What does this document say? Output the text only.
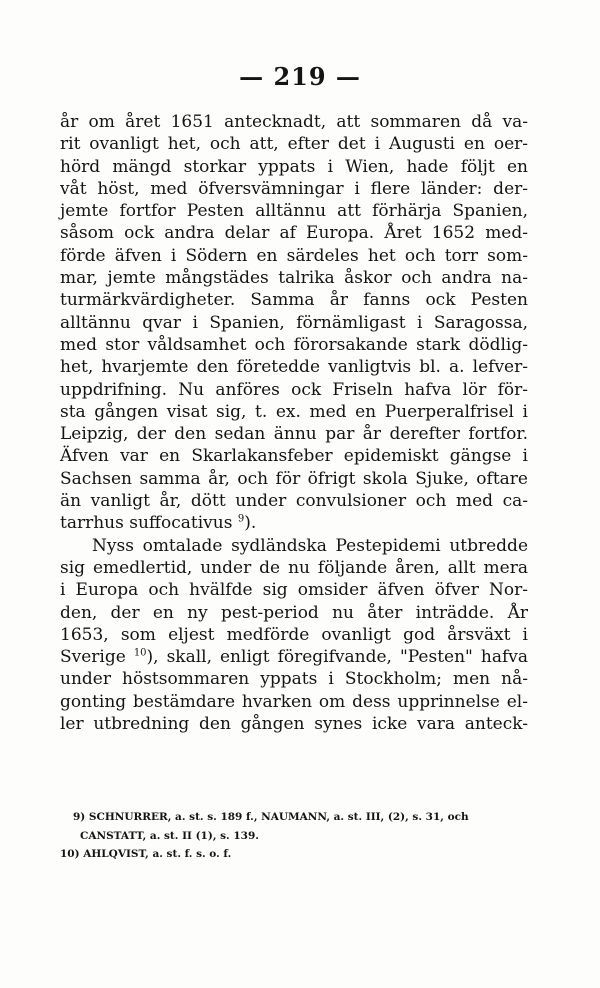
— 219 —
år om året 1651 antecknadt, att sommaren då va-
rit ovanligt het, och att, efter det i Augusti en oer-
hörd mängd storkar yppats i Wien, hade följt en
våt höst, med öfversvämningar i flere länder: der-
jemte fortfor Pesten alltännu att förhärja Spanien,
såsom ock andra delar af Europa. Året 1652 med-
förde äfven i Södern en särdeles het och torr som-
mar, jemte mångstädes talrika åskor och andra na-
turmärkvärdigheter. Samma år fanns ock Pesten
alltännu qvar i Spanien, förnämligast i Saragossa,
med stor våldsamhet och förorsakande stark dödlig-
het, hvarjemte den företedde vanligtvis bl. a. lefver-
uppdrifning. Nu anföres ock Friseln hafva lör för-
sta gången visat sig, t. ex. med en Puerperalfrisel i
Leipzig, der den sedan ännu par år derefter fortfor.
Äfven var en Skarlakansfeber epidemiskt gängse i
Sachsen samma år, och för öfrigt skola Sjuke, oftare
än vanligt år, dött under convulsioner och med ca-
tarrhus suffocativus $^9$).
Nyss omtalade sydländska Pestepidemi utbredde
sig emedlertid, under de nu följande åren, allt mera
i Europa och hvälfde sig omsider äfven öfver Nor-
den, der en ny pest-period nu åter inträdde. År
1653, som eljest medförde ovanligt god årsväxt i
Sverige $^{10}$), skall, enligt föregifvande, "Pesten" hafva
under höstsommaren yppats i Stockholm; men nå-
gonting bestämdare hvarken om dess upprinnelse el-
ler utbredning den gången synes icke vara anteck-
9) SCHNURRER, a. st. s. 189 f., NAUMANN, a. st. III, (2), s. 31, och
CANSTATT, a. st. II (1), s. 139.
10) AHLQVIST, a. st. f. s. o. f.
